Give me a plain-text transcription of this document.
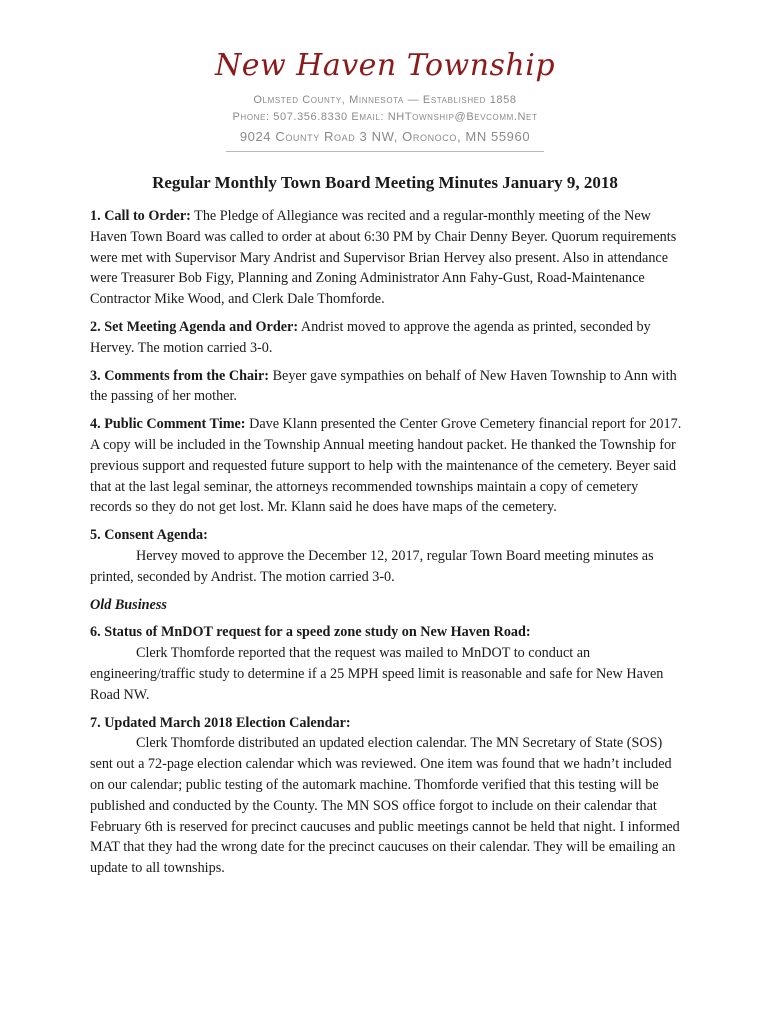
New Haven Township

Olmsted County, Minnesota — Established 1858

Phone: 507.356.8330 Email: NHTownship@Bevcomm.Net

9024 County Road 3 NW, Oronoco, MN 55960

Regular Monthly Town Board Meeting Minutes January 9, 2018

1. Call to Order: The Pledge of Allegiance was recited and a regular-monthly meeting of the New Haven Town Board was called to order at about 6:30 PM by Chair Denny Beyer. Quorum requirements were met with Supervisor Mary Andrist and Supervisor Brian Hervey also present. Also in attendance were Treasurer Bob Figy, Planning and Zoning Administrator Ann Fahy-Gust, Road-Maintenance Contractor Mike Wood, and Clerk Dale Thomforde.

2. Set Meeting Agenda and Order: Andrist moved to approve the agenda as printed, seconded by Hervey. The motion carried 3-0.

3. Comments from the Chair: Beyer gave sympathies on behalf of New Haven Township to Ann with the passing of her mother.

4. Public Comment Time: Dave Klann presented the Center Grove Cemetery financial report for 2017. A copy will be included in the Township Annual meeting handout packet. He thanked the Township for previous support and requested future support to help with the maintenance of the cemetery. Beyer said that at the last legal seminar, the attorneys recommended townships maintain a copy of cemetery records so they do not get lost. Mr. Klann said he does have maps of the cemetery.

5. Consent Agenda:

Hervey moved to approve the December 12, 2017, regular Town Board meeting minutes as printed, seconded by Andrist. The motion carried 3-0.

Old Business

6. Status of MnDOT request for a speed zone study on New Haven Road:

Clerk Thomforde reported that the request was mailed to MnDOT to conduct an engineering/traffic study to determine if a 25 MPH speed limit is reasonable and safe for New Haven Road NW.

7. Updated March 2018 Election Calendar:

Clerk Thomforde distributed an updated election calendar. The MN Secretary of State (SOS) sent out a 72-page election calendar which was reviewed. One item was found that we hadn’t included on our calendar; public testing of the automark machine. Thomforde verified that this testing will be published and conducted by the County. The MN SOS office forgot to include on their calendar that February 6th is reserved for precinct caucuses and public meetings cannot be held that night. I informed MAT that they had the wrong date for the precinct caucuses on their calendar. They will be emailing an update to all townships.
